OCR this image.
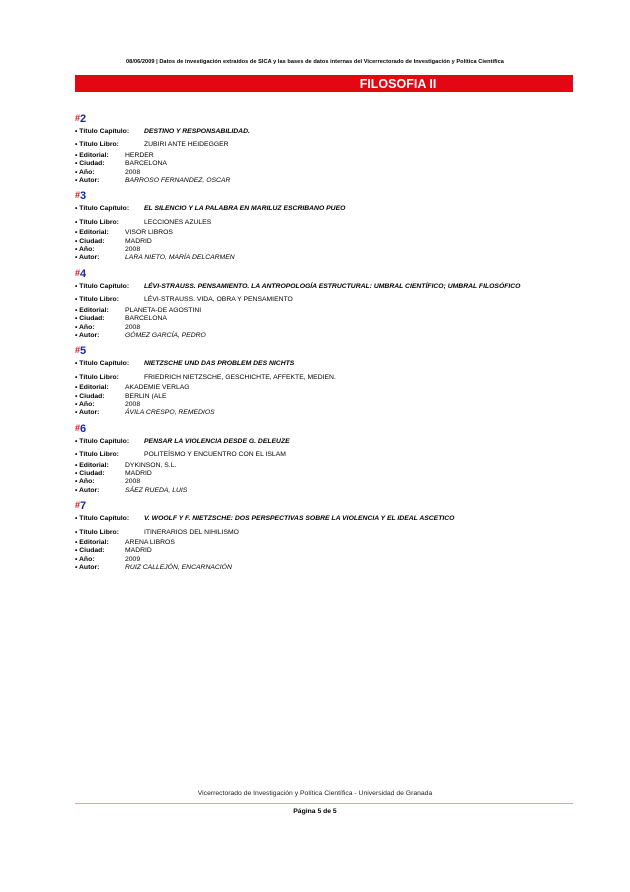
08/06/2009 | Datos de investigación extraídos de SICA y las bases de datos internas del Vicerrectorado de Investigación y Política Científica
FILOSOFIA II
#2
• Título Capítulo:	DESTINO Y RESPONSABILIDAD.
• Título Libro:	ZUBIRI ANTE HEIDEGGER
• Editorial:	HERDER
• Ciudad:	BARCELONA
• Año:	2008
• Autor:	BARROSO FERNANDEZ, OSCAR
#3
• Título Capítulo:	EL SILENCIO Y LA PALABRA EN MARILUZ ESCRIBANO PUEO
• Título Libro:	LECCIONES AZULES
• Editorial:	VISOR LIBROS
• Ciudad:	MADRID
• Año:	2008
• Autor:	LARA NIETO, MARÍA DELCARMEN
#4
• Título Capítulo:	LÉVI-STRAUSS. PENSAMIENTO. LA ANTROPOLOGÍA ESTRUCTURAL: UMBRAL CIENTÍFICO; UMBRAL FILOSÓFICO
• Título Libro:	LÉVI-STRAUSS. VIDA, OBRA Y PENSAMIENTO
• Editorial:	PLANETA-DE AGOSTINI
• Ciudad:	BARCELONA
• Año:	2008
• Autor:	GÓMEZ GARCÍA, PEDRO
#5
• Título Capítulo:	NIETZSCHE UND DAS PROBLEM DES NICHTS
• Título Libro:	FRIEDRICH NIETZSCHE, GESCHICHTE, AFFEKTE, MEDIEN.
• Editorial:	AKADEMIE VERLAG
• Ciudad:	BERLIN (ALE
• Año:	2008
• Autor:	ÁVILA CRESPO, REMEDIOS
#6
• Título Capítulo:	PENSAR LA VIOLENCIA DESDE G. DELEUZE
• Título Libro:	POLITEÍSMO Y ENCUENTRO CON EL ISLAM
• Editorial:	DYKINSON, S.L.
• Ciudad:	MADRID
• Año:	2008
• Autor:	SÁEZ RUEDA, LUIS
#7
• Título Capítulo:	V. WOOLF Y F. NIETZSCHE: DOS PERSPECTIVAS SOBRE LA VIOLENCIA Y EL IDEAL ASCETICO
• Título Libro:	ITINERARIOS DEL NIHILISMO
• Editorial:	ARENA LIBROS
• Ciudad:	MADRID
• Año:	2009
• Autor:	RUIZ CALLEJÓN, ENCARNACIÓN
Vicerrectorado de Investigación y Política Científica - Universidad de Granada
Página 5 de 5
